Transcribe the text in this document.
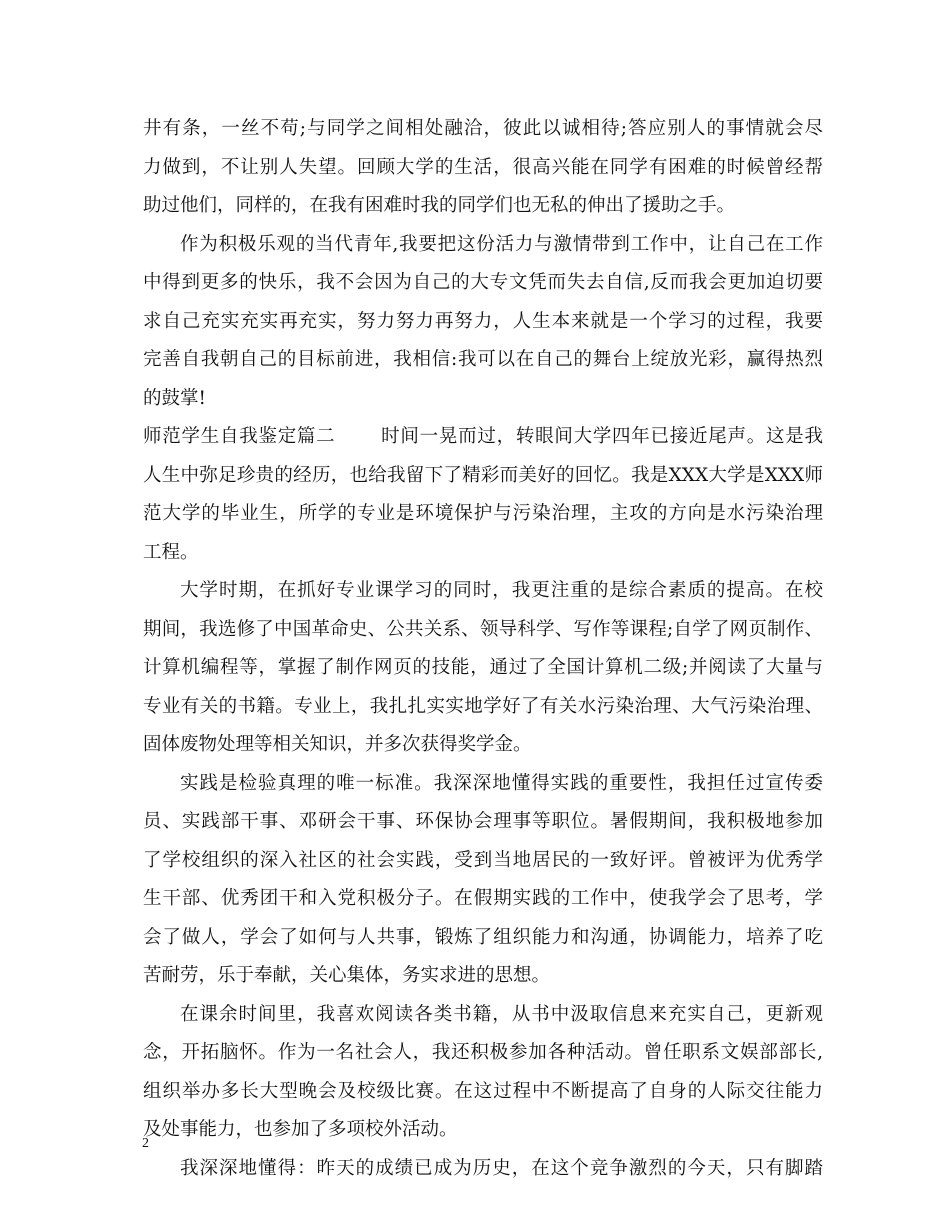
井有条，一丝不苟;与同学之间相处融洽，彼此以诚相待;答应别人的事情就会尽
力做到，不让别人失望。回顾大学的生活，很高兴能在同学有困难的时候曾经帮
助过他们，同样的，在我有困难时我的同学们也无私的伸出了援助之手。
作为积极乐观的当代青年,我要把这份活力与激情带到工作中，让自己在工作
中得到更多的快乐，我不会因为自己的大专文凭而失去自信,反而我会更加迫切要
求自己充实充实再充实，努力努力再努力，人生本来就是一个学习的过程，我要
完善自我朝自己的目标前进，我相信:我可以在自己的舞台上绽放光彩，赢得热烈
的鼓掌!
师范学生自我鉴定篇二 时间一晃而过，转眼间大学四年已接近尾声。这是我
人生中弥足珍贵的经历，也给我留下了精彩而美好的回忆。我是XXX大学是XXX师
范大学的毕业生，所学的专业是环境保护与污染治理，主攻的方向是水污染治理
工程。
大学时期，在抓好专业课学习的同时，我更注重的是综合素质的提高。在校
期间，我选修了中国革命史、公共关系、领导科学、写作等课程;自学了网页制作、
计算机编程等，掌握了制作网页的技能，通过了全国计算机二级;并阅读了大量与
专业有关的书籍。专业上，我扎扎实实地学好了有关水污染治理、大气污染治理、
固体废物处理等相关知识，并多次获得奖学金。
实践是检验真理的唯一标准。我深深地懂得实践的重要性，我担任过宣传委
员、实践部干事、邓研会干事、环保协会理事等职位。暑假期间，我积极地参加
了学校组织的深入社区的社会实践，受到当地居民的一致好评。曾被评为优秀学
生干部、优秀团干和入党积极分子。在假期实践的工作中，使我学会了思考，学
会了做人，学会了如何与人共事，锻炼了组织能力和沟通，协调能力，培养了吃
苦耐劳，乐于奉献，关心集体，务实求进的思想。
在课余时间里，我喜欢阅读各类书籍，从书中汲取信息来充实自己，更新观
念，开拓脑怀。作为一名社会人，我还积极参加各种活动。曾任职系文娱部部长,
组织举办多长大型晚会及校级比赛。在这过程中不断提高了自身的人际交往能力
及处事能力，也参加了多项校外活动。
我深深地懂得：昨天的成绩已成为历史，在这个竞争激烈的今天，只有脚踏
2
